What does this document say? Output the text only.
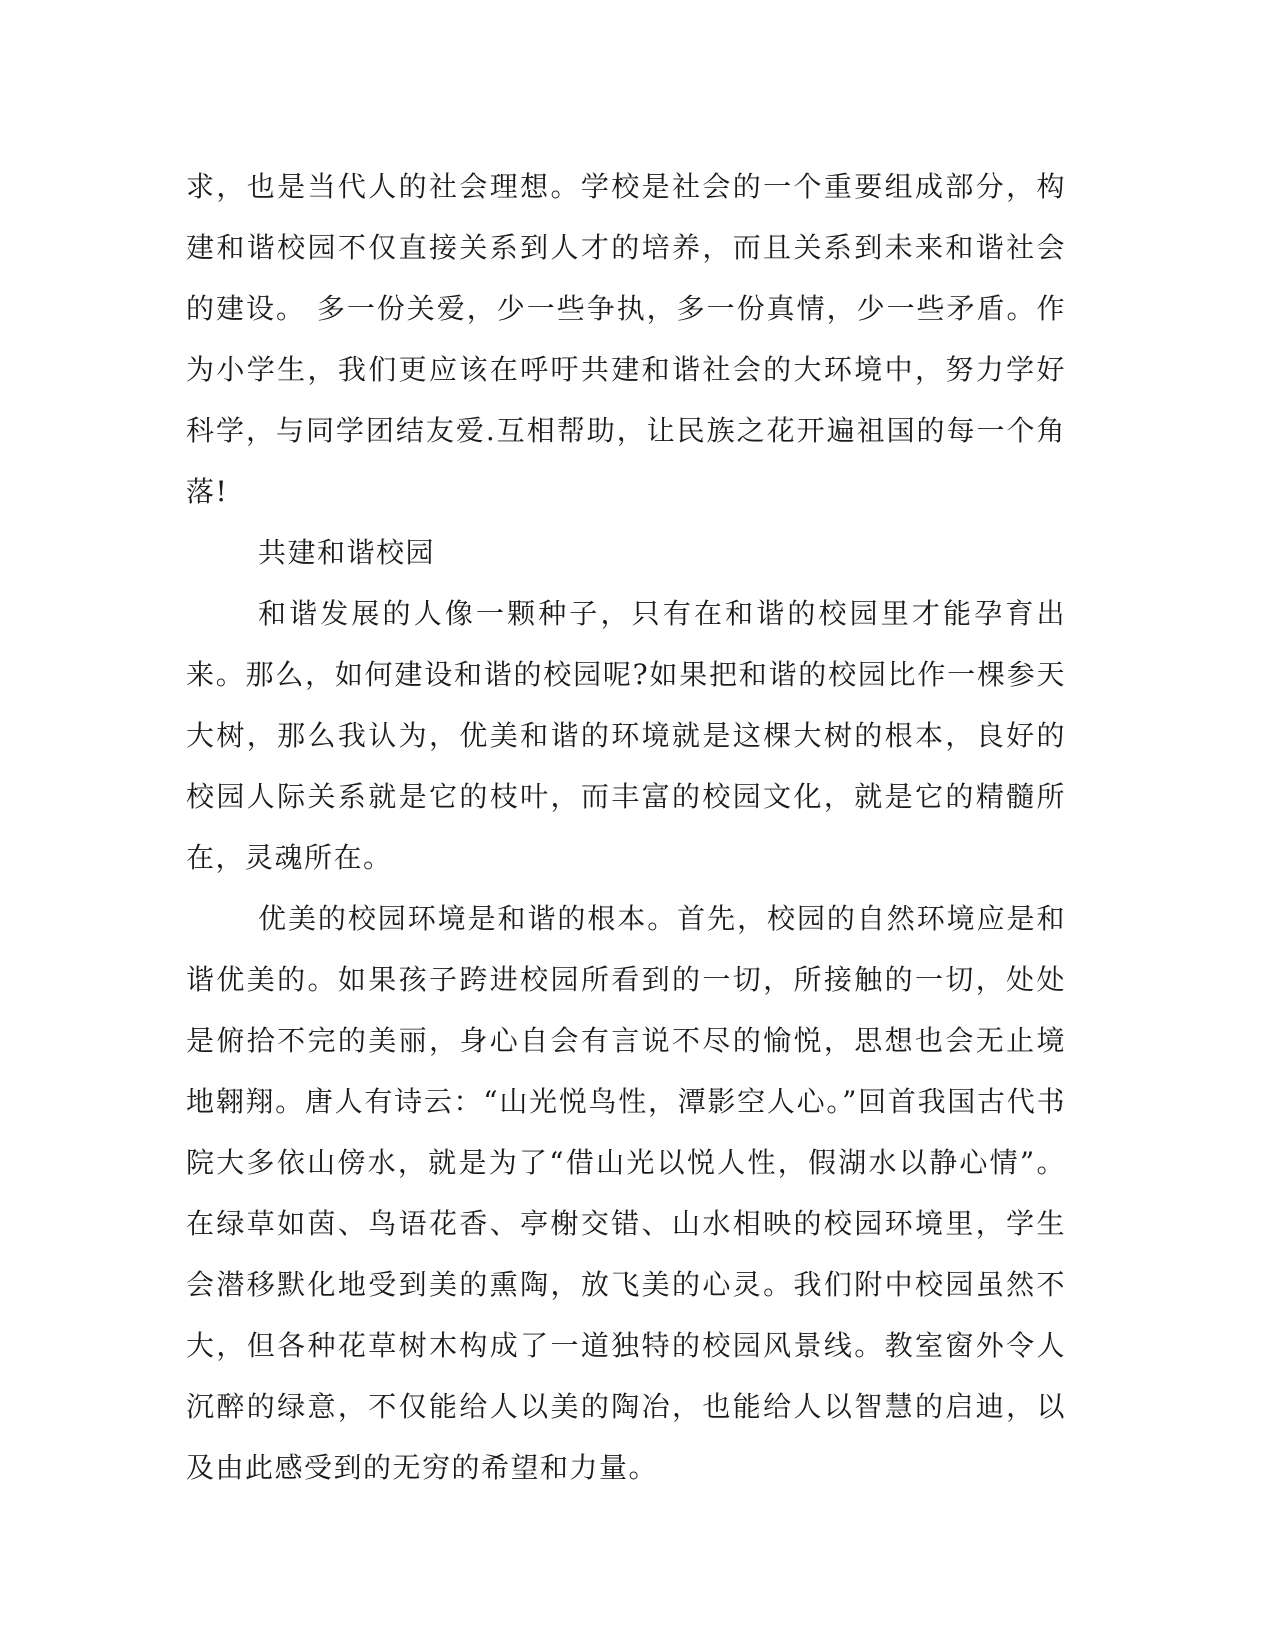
求，也是当代人的社会理想。学校是社会的一个重要组成部分，构建和谐校园不仅直接关系到人才的培养，而且关系到未来和谐社会的建设。 多一份关爱，少一些争执，多一份真情，少一些矛盾。作为小学生，我们更应该在呼吁共建和谐社会的大环境中，努力学好科学，与同学团结友爱.互相帮助，让民族之花开遍祖国的每一个角落!

共建和谐校园

和谐发展的人像一颗种子，只有在和谐的校园里才能孕育出来。那么，如何建设和谐的校园呢?如果把和谐的校园比作一棵参天大树，那么我认为，优美和谐的环境就是这棵大树的根本，良好的校园人际关系就是它的枝叶，而丰富的校园文化，就是它的精髓所在，灵魂所在。

优美的校园环境是和谐的根本。首先，校园的自然环境应是和谐优美的。如果孩子跨进校园所看到的一切，所接触的一切，处处是俯拾不完的美丽，身心自会有言说不尽的愉悦，思想也会无止境地翱翔。唐人有诗云：“山光悦鸟性，潭影空人心。”回首我国古代书院大多依山傍水，就是为了“借山光以悦人性，假湖水以静心情”。在绿草如茵、鸟语花香、亭榭交错、山水相映的校园环境里，学生会潜移默化地受到美的熏陶，放飞美的心灵。我们附中校园虽然不大，但各种花草树木构成了一道独特的校园风景线。教室窗外令人沉醉的绿意，不仅能给人以美的陶冶，也能给人以智慧的启迪，以及由此感受到的无穷的希望和力量。
